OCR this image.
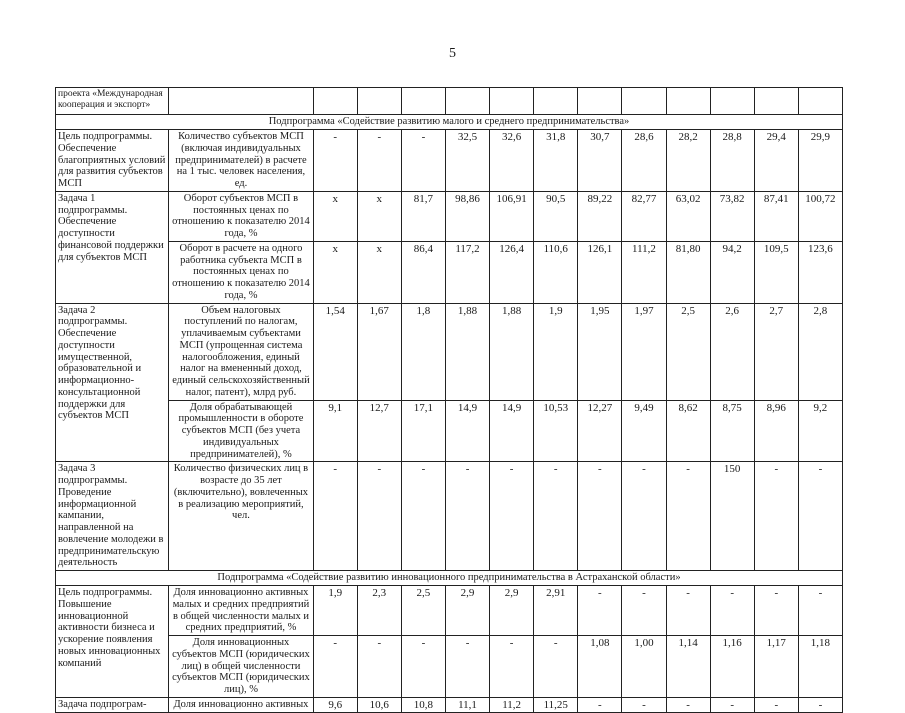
5
проекта «Международная кооперация и экспорт»													
Подпрограмма «Содействие развитию малого и среднего предпринимательства»													
Цель подпрограммы. Обеспечение благоприятных условий для развития субъектов МСП	Количество субъектов МСП (включая индивидуальных предпринимателей) в расчете на 1 тыс. человек населения, ед.	-	-	-	32,5	32,6	31,8	30,7	28,6	28,2	28,8	29,4	29,9
Задача 1 подпрограммы. Обеспечение доступности финансовой поддержки для субъектов МСП	Оборот субъектов МСП в постоянных ценах по отношению к показателю 2014 года, %	x	x	81,7	98,86	106,91	90,5	89,22	82,77	63,02	73,82	87,41	100,72
	Оборот в расчете на одного работника субъекта МСП в постоянных ценах по отношению к показателю 2014 года, %	x	x	86,4	117,2	126,4	110,6	126,1	111,2	81,80	94,2	109,5	123,6
Задача 2 подпрограммы. Обеспечение доступности имущественной, образовательной и информационно-консультационной поддержки для субъектов МСП	Объем налоговых поступлений по налогам, уплачиваемым субъектами МСП (упрощенная система налогообложения, единый налог на вмененный доход, единый сельскохозяйственный налог, патент), млрд руб.	1,54	1,67	1,8	1,88	1,88	1,9	1,95	1,97	2,5	2,6	2,7	2,8
	Доля обрабатывающей промышленности в обороте субъектов МСП (без учета индивидуальных предпринимателей), %	9,1	12,7	17,1	14,9	14,9	10,53	12,27	9,49	8,62	8,75	8,96	9,2
Задача 3 подпрограммы. Проведение информационной кампании, направленной на вовлечение молодежи в предпринимательскую деятельность	Количество физических лиц в возрасте до 35 лет (включительно), вовлеченных в реализацию мероприятий, чел.	-	-	-	-	-	-	-	-	-	150	-	-
Подпрограмма «Содействие развитию инновационного предпринимательства в Астраханской области»													
Цель подпрограммы. Повышение инновационной активности бизнеса и ускорение появления новых инновационных компаний	Доля инновационно активных малых и средних предприятий в общей численности малых и средних предприятий, %	1,9	2,3	2,5	2,9	2,9	2,91	-	-	-	-	-	-
	Доля инновационных субъектов МСП (юридических лиц) в общей численности субъектов МСП (юридических лиц), %	-	-	-	-	-	-	1,08	1,00	1,14	1,16	1,17	1,18
Задача подпрограм-	Доля инновационно активных	9,6	10,6	10,8	11,1	11,2	11,25	-	-	-	-	-	-
